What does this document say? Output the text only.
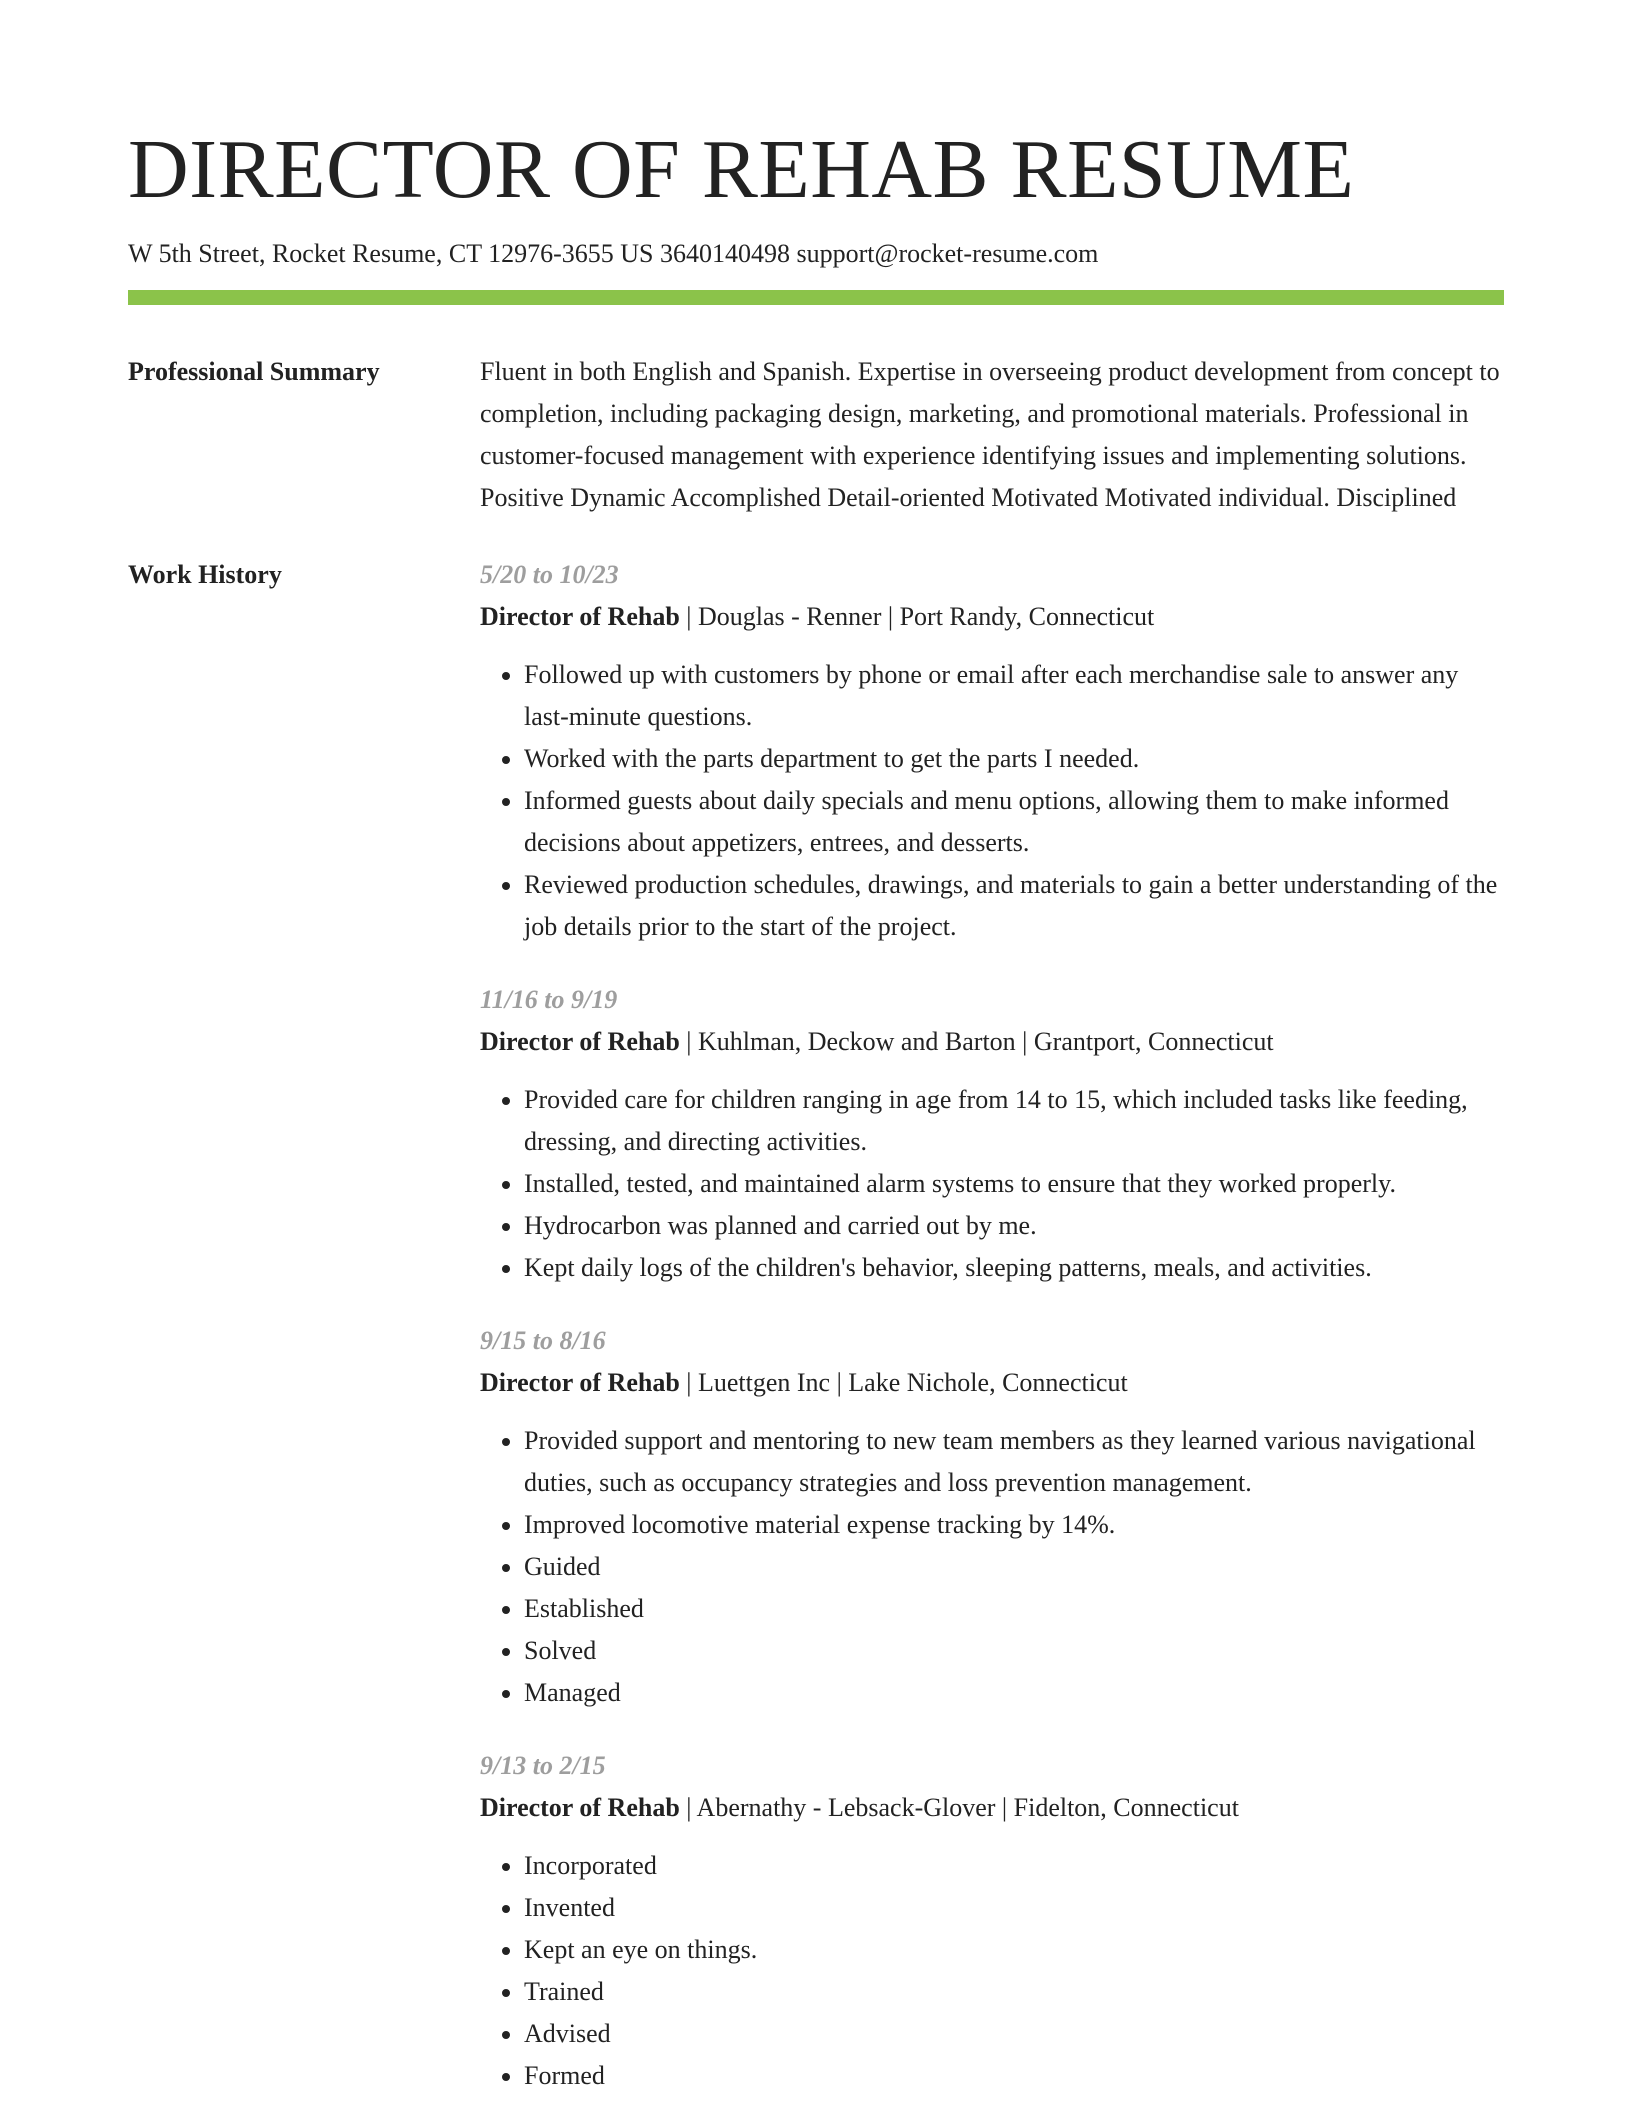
DIRECTOR OF REHAB RESUME
W 5th Street, Rocket Resume, CT 12976-3655 US 3640140498 support@rocket-resume.com
Professional Summary	Fluent in both English and Spanish. Expertise in overseeing product development from concept to completion, including packaging design, marketing, and promotional materials. Professional in customer-focused management with experience identifying issues and implementing solutions. Positive Dynamic Accomplished Detail-oriented Motivated Motivated individual. Disciplined

Work History	5/20 to 10/23
Director of Rehab | Douglas - Renner | Port Randy, Connecticut
• Followed up with customers by phone or email after each merchandise sale to answer any last-minute questions.
• Worked with the parts department to get the parts I needed.
• Informed guests about daily specials and menu options, allowing them to make informed decisions about appetizers, entrees, and desserts.
• Reviewed production schedules, drawings, and materials to gain a better understanding of the job details prior to the start of the project.
11/16 to 9/19
Director of Rehab | Kuhlman, Deckow and Barton | Grantport, Connecticut
• Provided care for children ranging in age from 14 to 15, which included tasks like feeding, dressing, and directing activities.
• Installed, tested, and maintained alarm systems to ensure that they worked properly.
• Hydrocarbon was planned and carried out by me.
• Kept daily logs of the children's behavior, sleeping patterns, meals, and activities.
9/15 to 8/16
Director of Rehab | Luettgen Inc | Lake Nichole, Connecticut
• Provided support and mentoring to new team members as they learned various navigational duties, such as occupancy strategies and loss prevention management.
• Improved locomotive material expense tracking by 14%.
• Guided
• Established
• Solved
• Managed
9/13 to 2/15
Director of Rehab | Abernathy - Lebsack-Glover | Fidelton, Connecticut
• Incorporated
• Invented
• Kept an eye on things.
• Trained
• Advised
• Formed
